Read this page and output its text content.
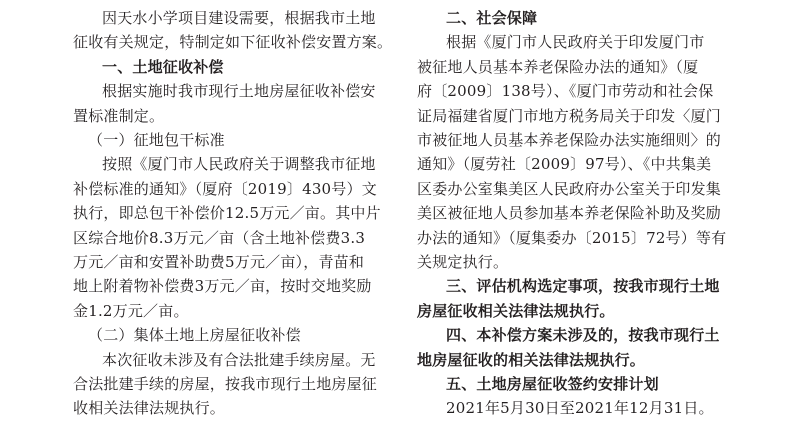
因天水小学项目建设需要，根据我市土地
征收有关规定，特制定如下征收补偿安置方案。
一、土地征收补偿
根据实施时我市现行土地房屋征收补偿安
置标准制定。
（一）征地包干标准
按照《厦门市人民政府关于调整我市征地
补偿标准的通知》（厦府〔2019〕430号）文
执行，即总包干补偿价12.5万元／亩。其中片
区综合地价8.3万元／亩（含土地补偿费3.3
万元／亩和安置补助费5万元／亩），青苗和
地上附着物补偿费3万元／亩，按时交地奖励
金1.2万元／亩。
（二）集体土地上房屋征收补偿
本次征收未涉及有合法批建手续房屋。无
合法批建手续的房屋，按我市现行土地房屋征
收相关法律法规执行。
二、社会保障
根据《厦门市人民政府关于印发厦门市
被征地人员基本养老保险办法的通知》（厦
府〔2009〕138号）、《厦门市劳动和社会保
证局福建省厦门市地方税务局关于印发〈厦门
市被征地人员基本养老保险办法实施细则〉的
通知》（厦劳社〔2009〕97号）、《中共集美
区委办公室集美区人民政府办公室关于印发集
美区被征地人员参加基本养老保险补助及奖励
办法的通知》（厦集委办〔2015〕72号）等有
关规定执行。
三、评估机构选定事项，按我市现行土地
房屋征收相关法律法规执行。
四、本补偿方案未涉及的，按我市现行土
地房屋征收的相关法律法规执行。
五、土地房屋征收签约安排计划
2021年5月30日至2021年12月31日。
